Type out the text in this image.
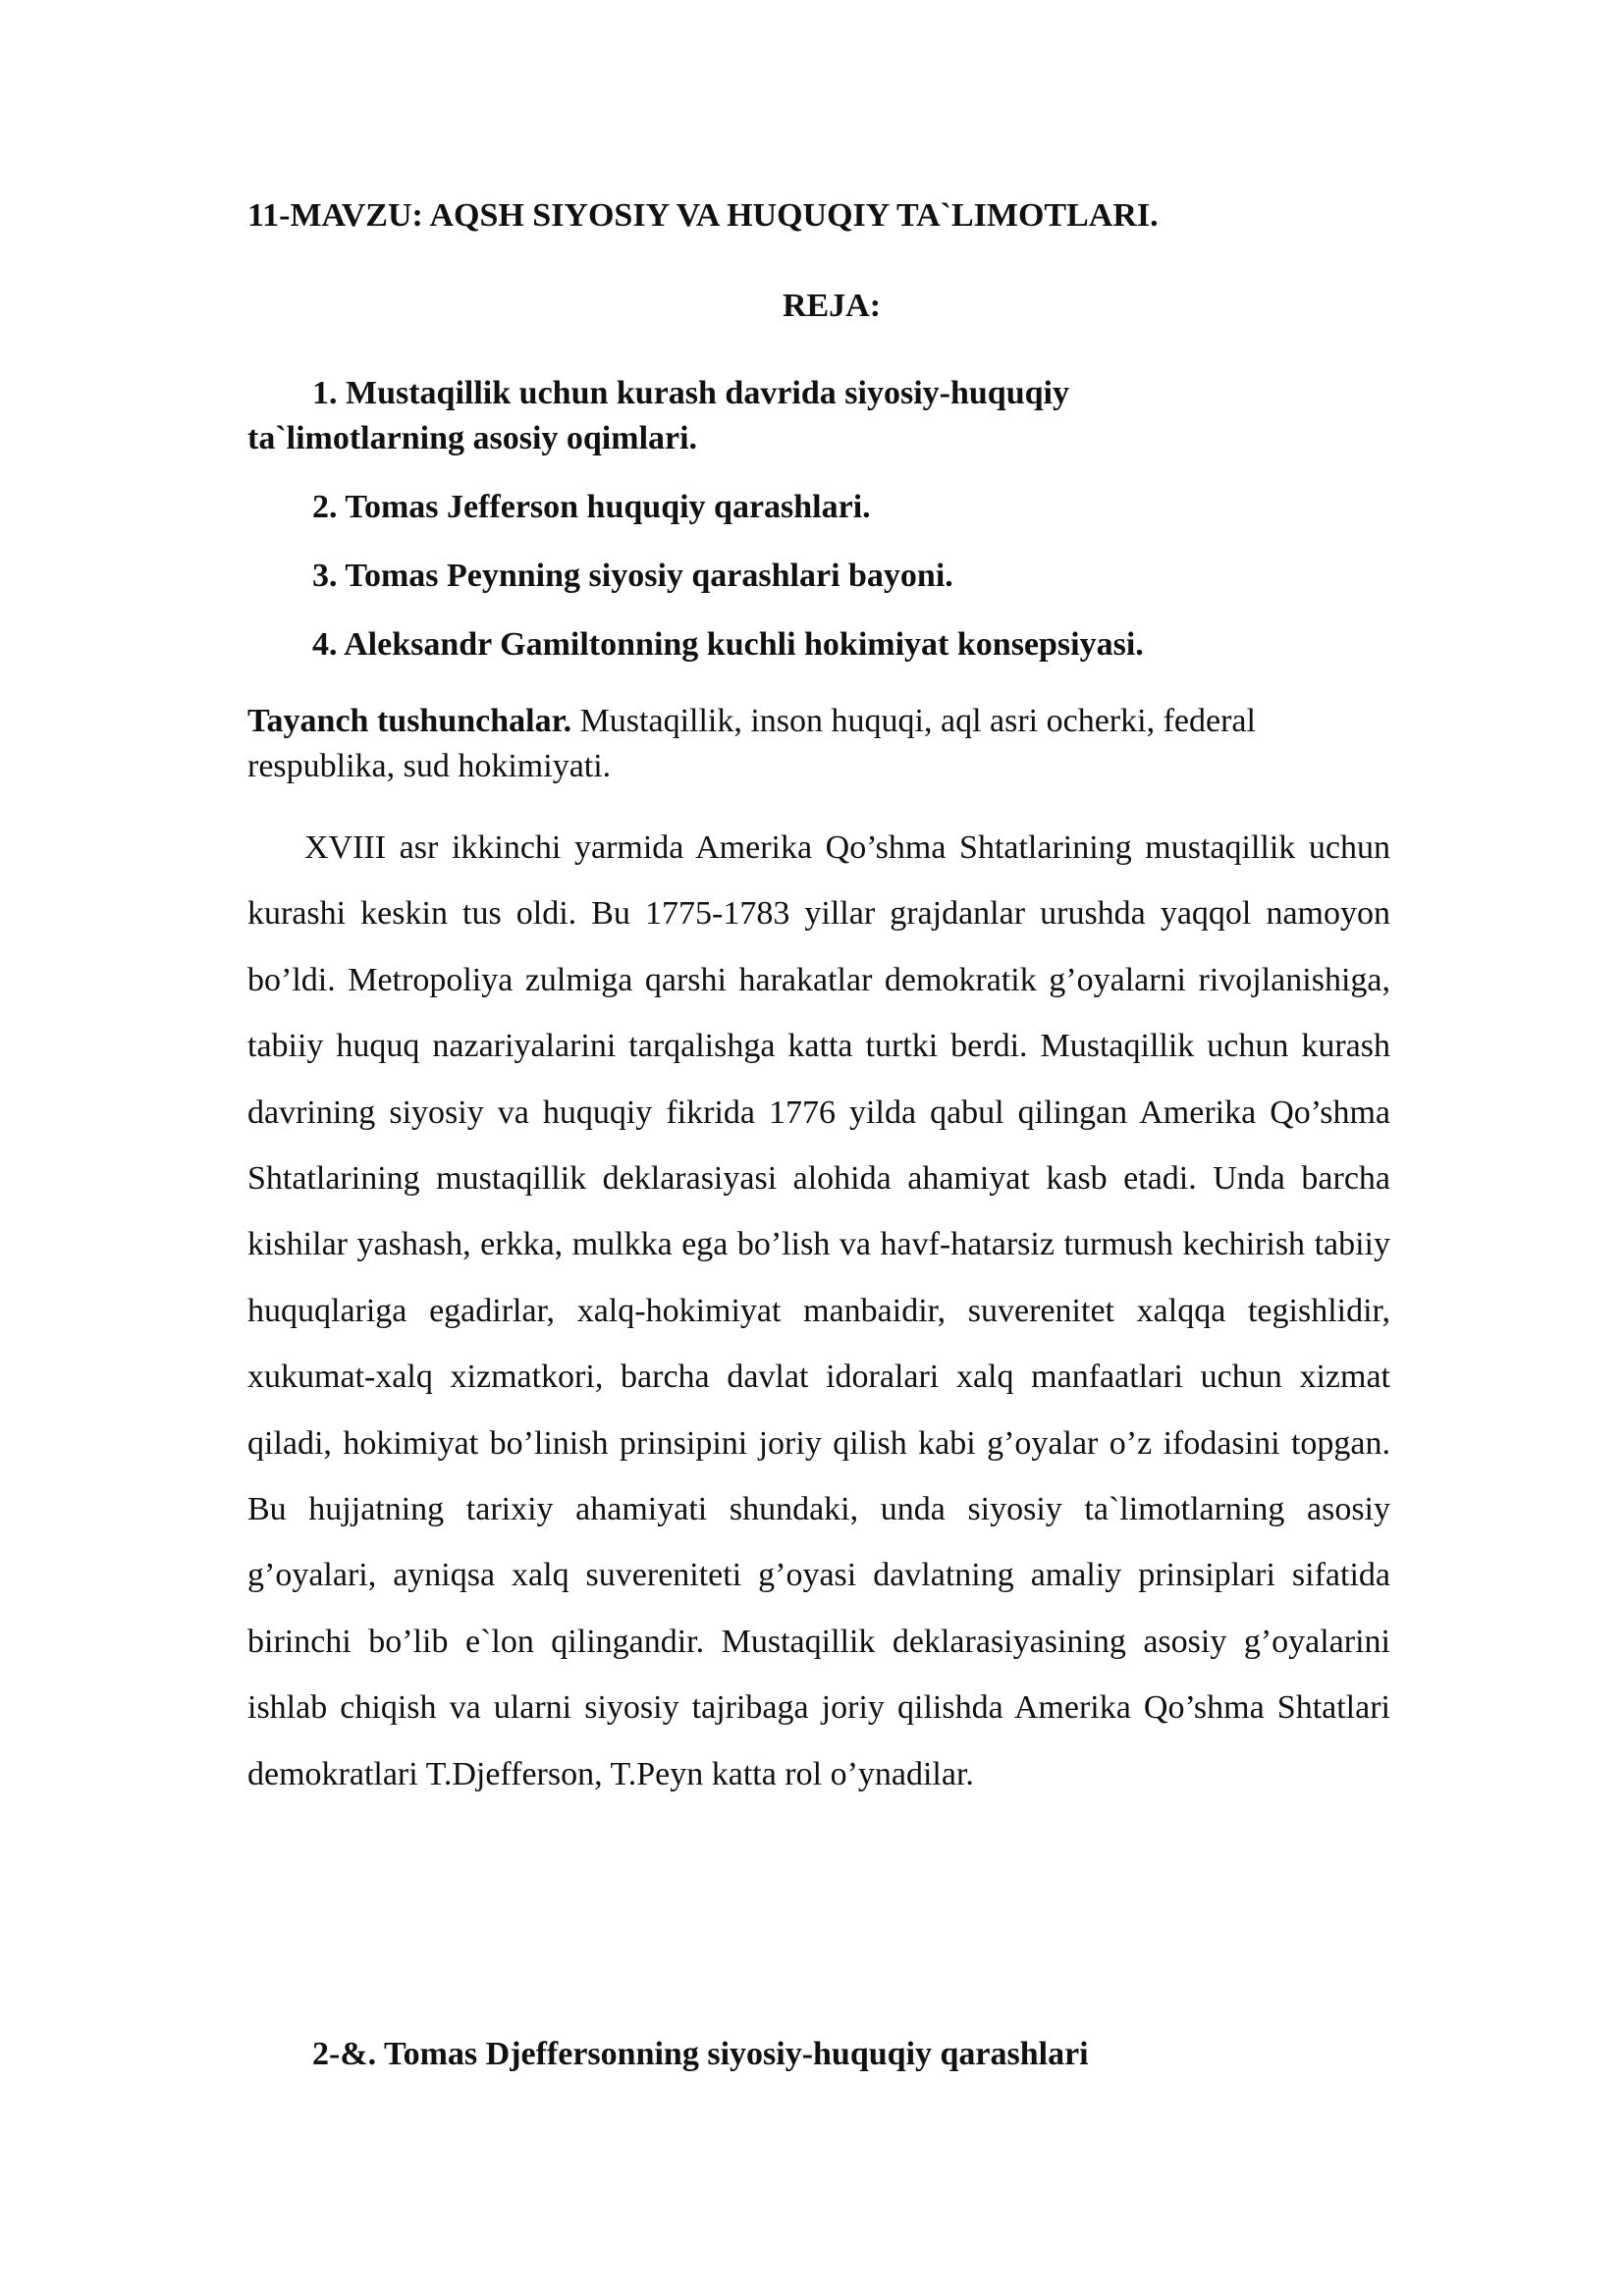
11-MAVZU: AQSH SIYOSIY VA HUQUQIY TA`LIMOTLARI.
REJA:
1. Mustaqillik uchun kurash davrida siyosiy-huquqiy ta`limotlarning asosiy oqimlari.
2. Tomas Jefferson huquqiy qarashlari.
3. Tomas Peynning siyosiy qarashlari bayoni.
4. Aleksandr Gamiltonning kuchli hokimiyat konsepsiyasi.
Tayanch tushunchalar. Mustaqillik, inson huquqi, aql asri ocherki, federal respublika, sud hokimiyati.
XVIII asr ikkinchi yarmida Amerika Qo’shma Shtatlarining mustaqillik uchun kurashi keskin tus oldi. Bu 1775-1783 yillar grajdanlar urushda yaqqol namoyon bo’ldi. Metropoliya zulmiga qarshi harakatlar demokratik g’oyalarni rivojlanishiga, tabiiy huquq nazariyalarini tarqalishga katta turtki berdi. Mustaqillik uchun kurash davrining siyosiy va huquqiy fikrida 1776 yilda qabul qilingan Amerika Qo’shma Shtatlarining mustaqillik deklarasiyasi alohida ahamiyat kasb etadi. Unda barcha kishilar yashash, erkka, mulkka ega bo’lish va havf-hatarsiz turmush kechirish tabiiy huquqlariga egadirlar, xalq-hokimiyat manbaidir, suverenitet xalqqa tegishlidir, xukumat-xalq xizmatkori, barcha davlat idoralari xalq manfaatlari uchun xizmat qiladi, hokimiyat bo’linish prinsipini joriy qilish kabi g’oyalar o’z ifodasini topgan. Bu hujjatning tarixiy ahamiyati shundaki, unda siyosiy ta`limotlarning asosiy g’oyalari, ayniqsa xalq suvereniteti g’oyasi davlatning amaliy prinsiplari sifatida birinchi bo’lib e`lon qilingandir. Mustaqillik deklarasiyasining asosiy g’oyalarini ishlab chiqish va ularni siyosiy tajribaga joriy qilishda Amerika Qo’shma Shtatlari demokratlari T.Djefferson, T.Peyn katta rol o’ynadilar.
2-&. Tomas Djeffersonning siyosiy-huquqiy qarashlari
